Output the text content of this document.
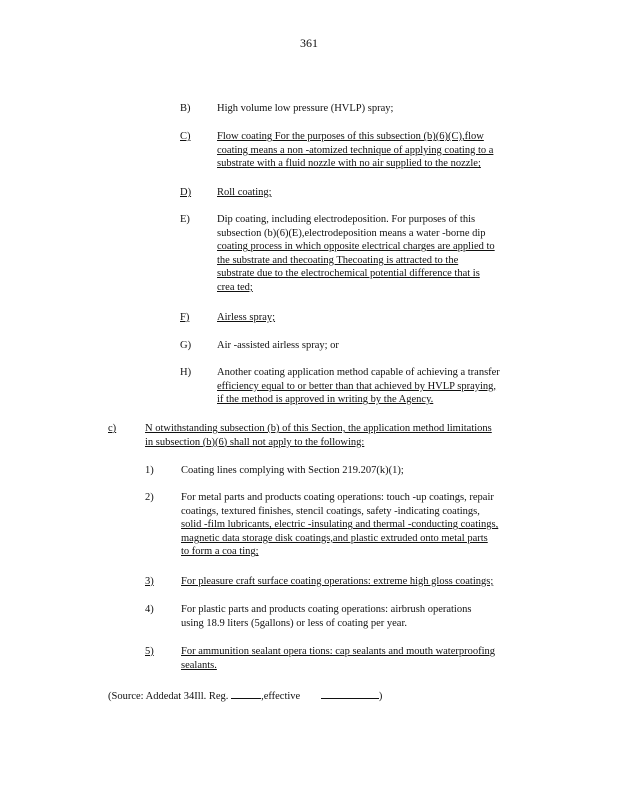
361
B)	High volume low pressure (HVLP) spray;
C)	Flow coating For the purposes of this subsection (b)(6)(C),flow
coating means a non -atomized technique of applying coating to a
substrate with a fluid nozzle with no air supplied to the nozzle;
D) Roll coating;
E)	Dip coating, including electrodeposition. For purposes of this
subsection (b)(6)(E),electrodeposition means a water -borne dip
coating process in which opposite electrical charges are applied to
the substrate and thecoating Thecoating is attracted to the
substrate due to the electrochemical potential difference that is
crea ted;
F)	Airless spray;
G) Air -assisted airless spray; or
H) Another coating application method capable of achieving a transfer
efficiency equal to or better than that achieved by HVLP spraying,
if the method is approved in writing by the Agency.
c)	N otwithstanding subsection (b) of this Section, the application method limitations
in subsection (b)(6) shall not apply to the following:
1)	Coating lines complying with Section 219.207(k)(1);
2)	For metal parts and products coating operations: touch -up coatings, repair
coatings, textured finishes, stencil coatings, safety -indicating coatings,
solid -film lubricants, electric -insulating and thermal -conducting coatings,
magnetic data storage disk coatings,and plastic extruded onto metal parts
to form a coa ting;
3)	For pleasure craft surface coating operations: extreme high gloss coatings;
4)	For plastic parts and products coating operations: airbrush operations
using 18.9 liters (5gallons) or less of coating per year.
5)	For ammunition sealant opera tions: cap sealants and mouth waterproofing
sealants.
(Source: Addedat 34Ill. Reg.	,effective	)
